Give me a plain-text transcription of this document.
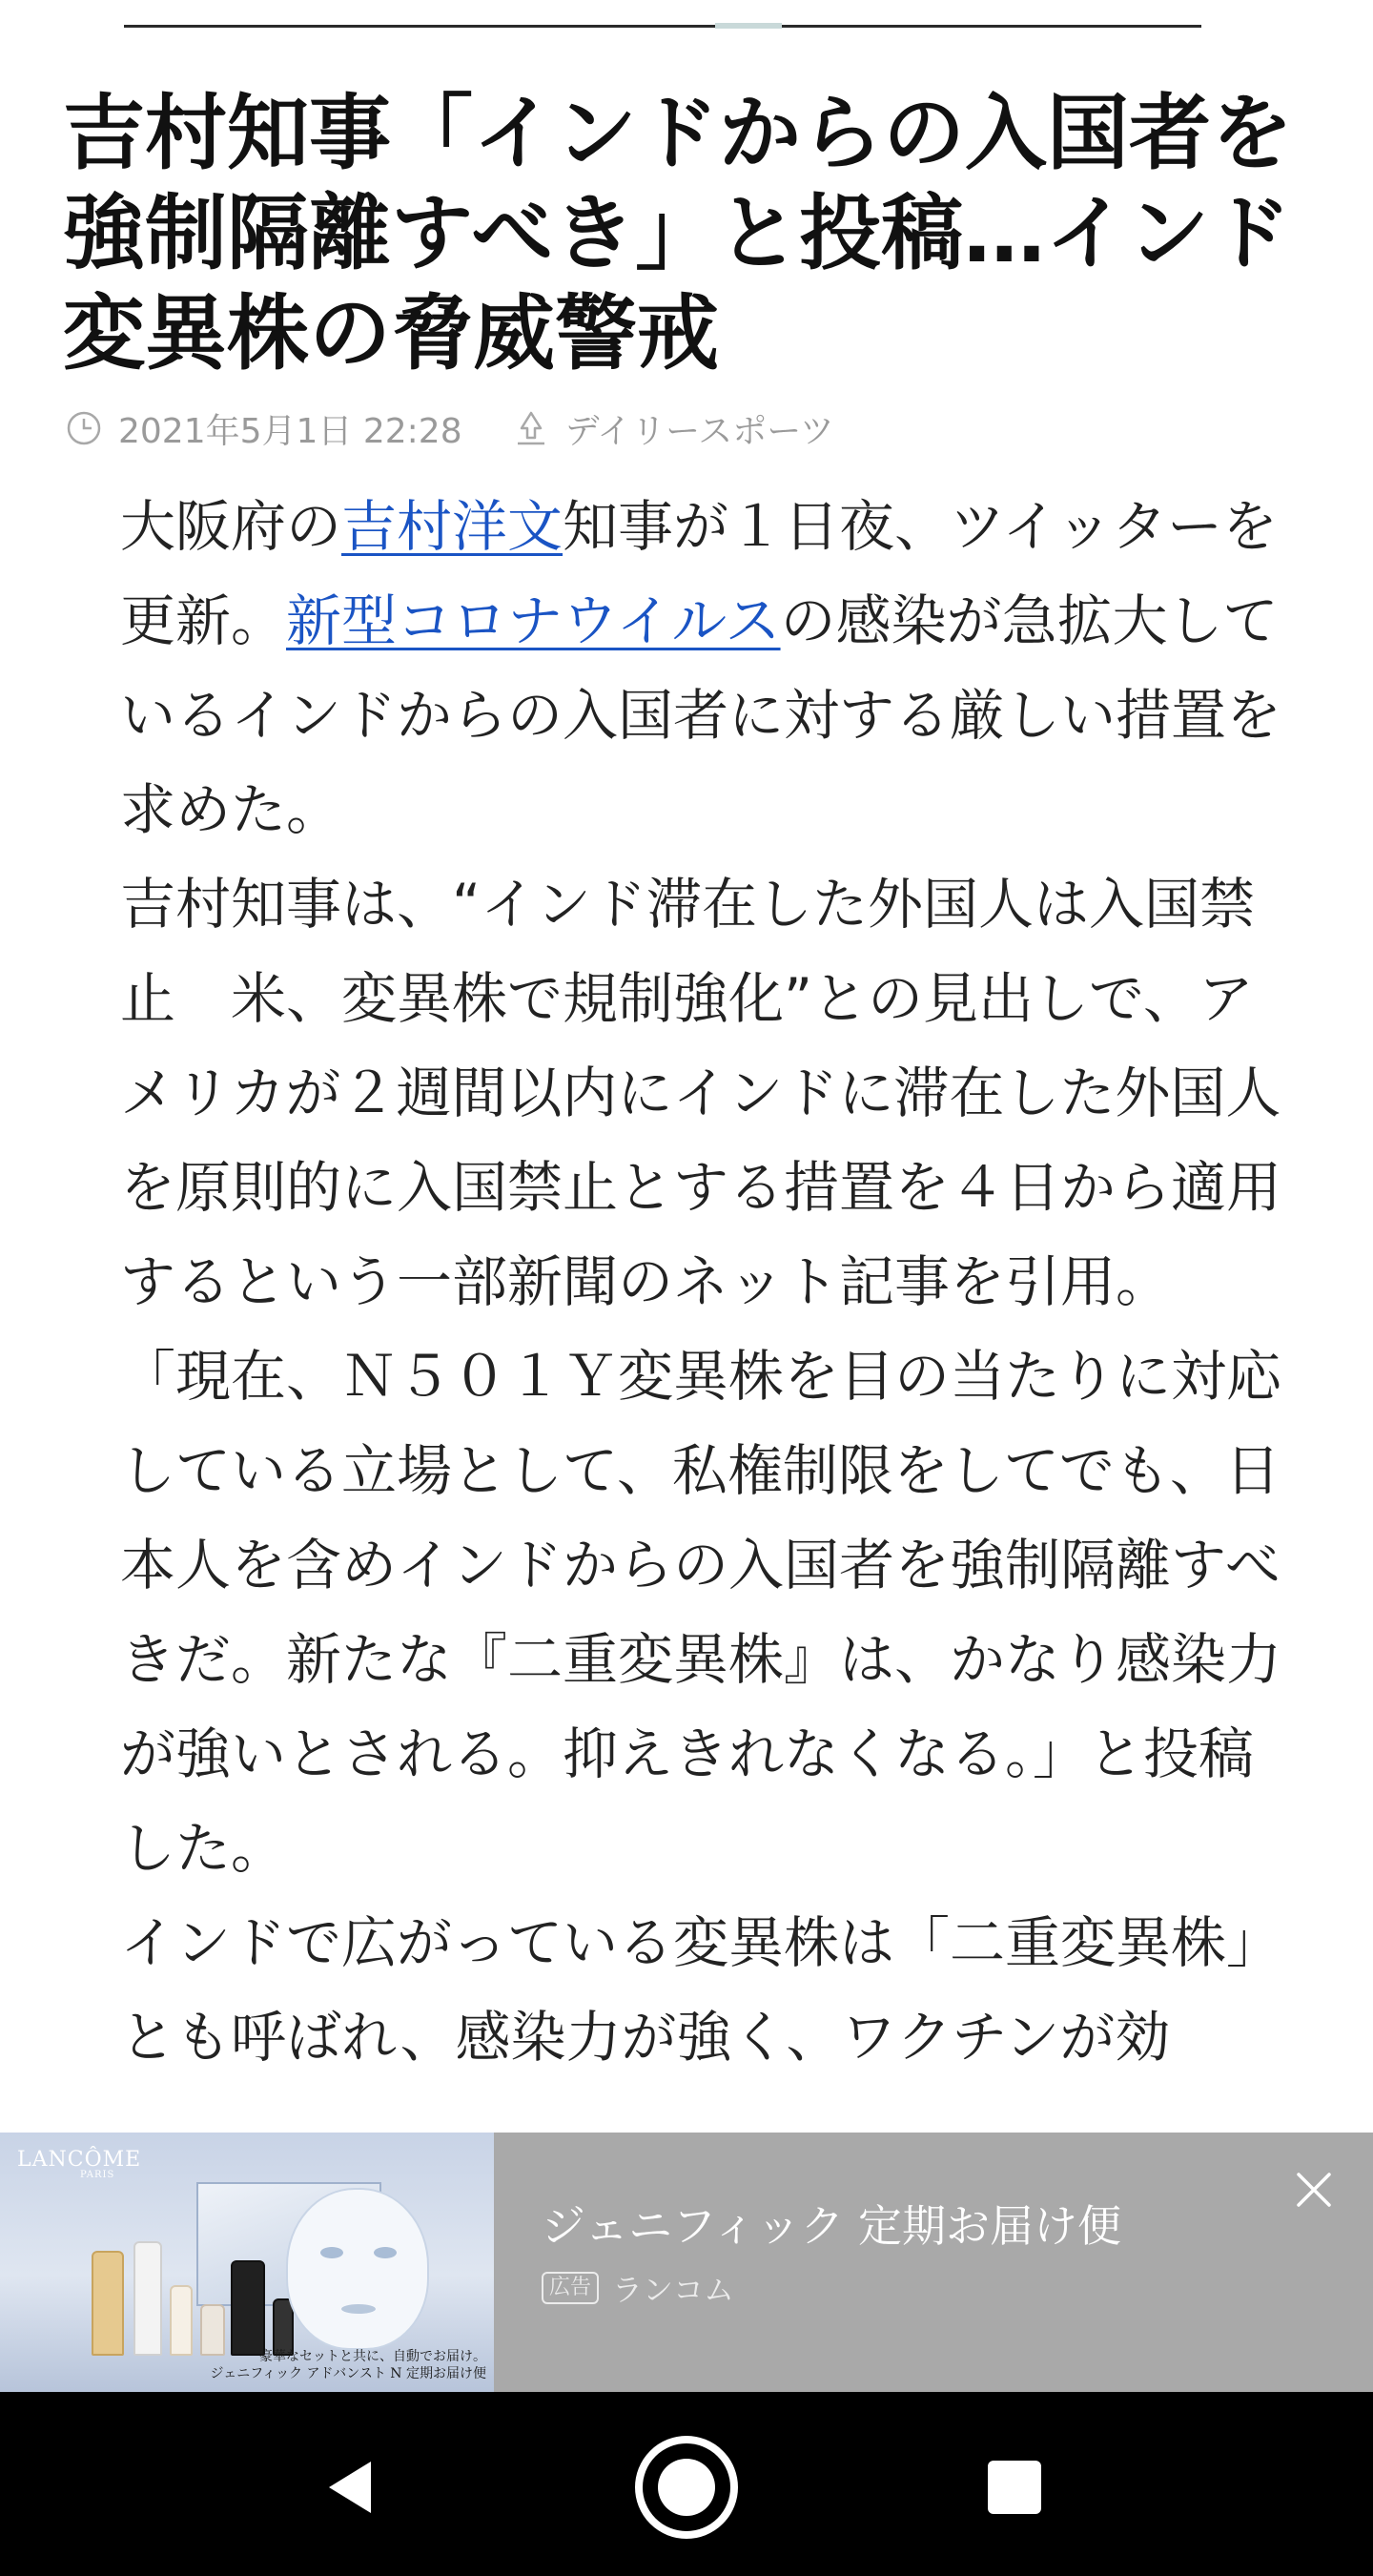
吉村知事「インドからの入国者を強制隔離すべき」と投稿…インド変異株の脅威警戒
2021年5月1日 22:28	デイリースポーツ

大阪府の吉村洋文知事が１日夜、ツイッターを更新。新型コロナウイルスの感染が急拡大しているインドからの入国者に対する厳しい措置を求めた。

吉村知事は、“インド滞在した外国人は入国禁止　米、変異株で規制強化”との見出しで、アメリカが２週間以内にインドに滞在した外国人を原則的に入国禁止とする措置を４日から適用するという一部新聞のネット記事を引用。

「現在、Ｎ５０１Ｙ変異株を目の当たりに対応している立場として、私権制限をしてでも、日本人を含めインドからの入国者を強制隔離すべきだ。新たな『二重変異株』は、かなり感染力が強いとされる。抑えきれなくなる。」と投稿した。

インドで広がっている変異株は「二重変異株」とも呼ばれ、感染力が強く、ワクチンが効

LANCÔME
PARIS
豪華なセットと共に、自動でお届け。
ジェニフィック アドバンスト N 定期お届け便
ジェニフィック 定期お届け便
広告 ランコム
